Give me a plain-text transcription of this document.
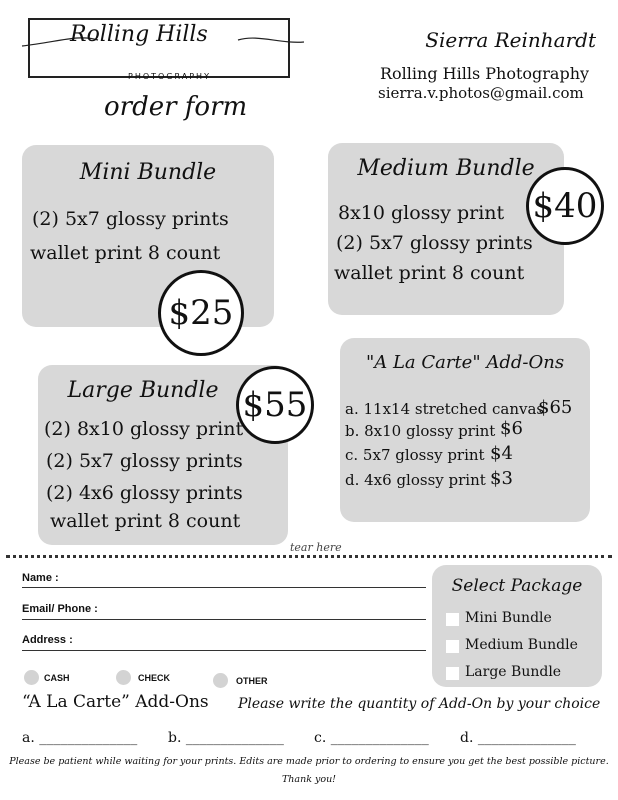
Rolling Hills
PHOTOGRAPHY
order form
Sierra Reinhardt
Rolling Hills Photography
sierra.v.photos@gmail.com
Mini Bundle
(2) 5x7 glossy prints
wallet print 8 count
$25
Medium Bundle
8x10 glossy print
(2) 5x7 glossy prints
wallet print 8 count
$40
Large Bundle
(2) 8x10 glossy print
(2) 5x7 glossy prints
(2) 4x6 glossy prints
wallet print 8 count
$55
"A La Carte" Add-Ons
a. 11x14 stretched canvas
$65
b. 8x10 glossy print $6
c. 5x7 glossy print $4
d. 4x6 glossy print $3
tear here
Name :
Email/ Phone :
Address :
CASH	CHECK	OTHER
Select Package
Mini Bundle
Medium Bundle
Large Bundle
“A La Carte” Add-Ons Please write the quantity of Add-On by your choice
a. ______________ b. ______________ c. ______________ d. ______________
Please be patient while waiting for your prints. Edits are made prior to ordering to ensure you get the best possible picture.
Thank you!
